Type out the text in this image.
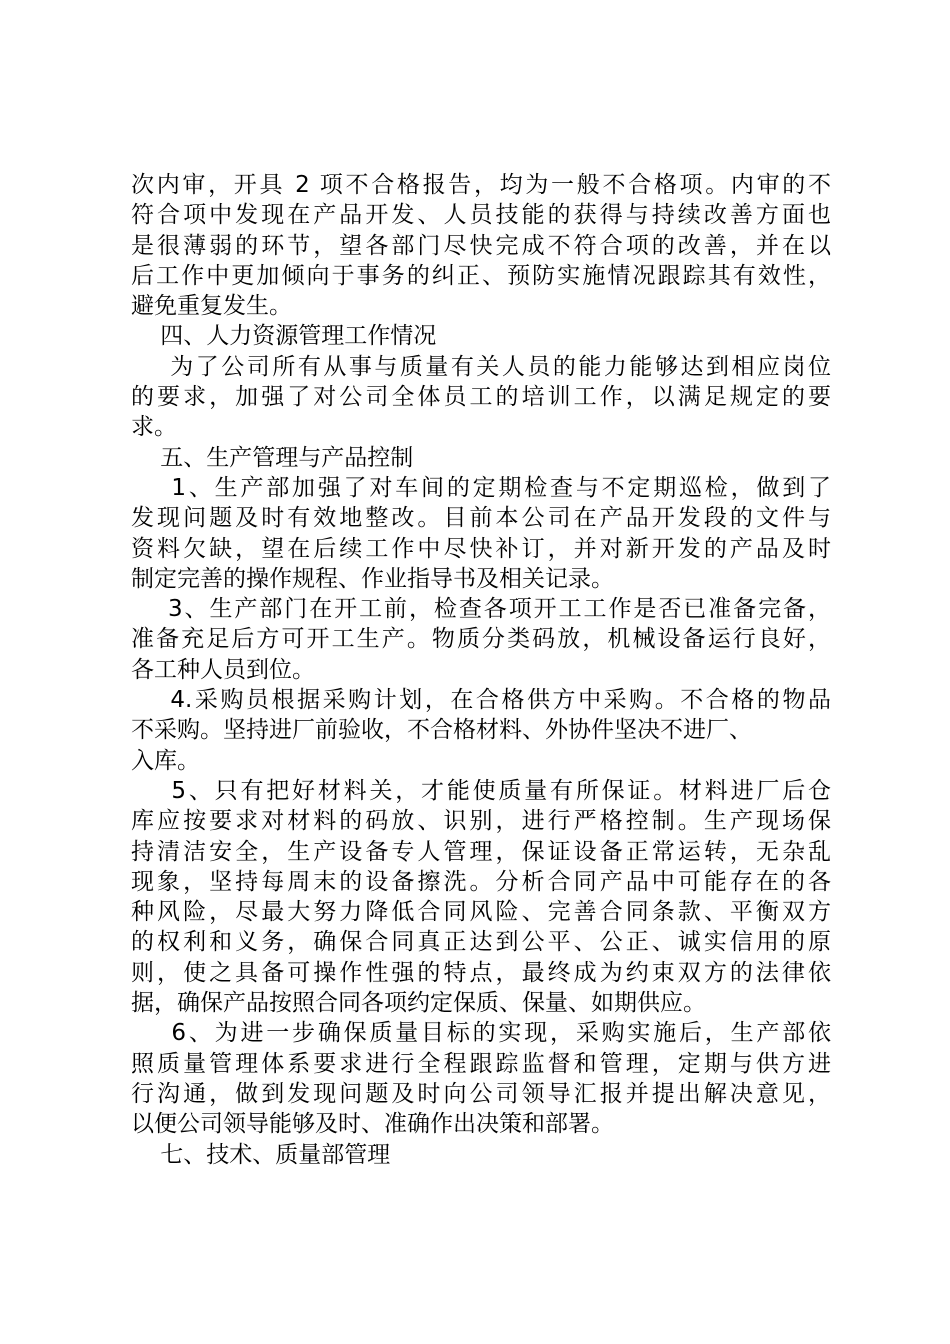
次内审，开具 2 项不合格报告，均为一般不合格项。内审的不
符合项中发现在产品开发、人员技能的获得与持续改善方面也
是很薄弱的环节，望各部门尽快完成不符合项的改善，并在以
后工作中更加倾向于事务的纠正、预防实施情况跟踪其有效性，
避免重复发生。
四、人力资源管理工作情况
为了公司所有从事与质量有关人员的能力能够达到相应岗位
的要求，加强了对公司全体员工的培训工作，以满足规定的要
求。
五、生产管理与产品控制
1、生产部加强了对车间的定期检查与不定期巡检，做到了
发现问题及时有效地整改。目前本公司在产品开发段的文件与
资料欠缺，望在后续工作中尽快补订，并对新开发的产品及时
制定完善的操作规程、作业指导书及相关记录。
3、生产部门在开工前，检查各项开工工作是否已准备完备，
准备充足后方可开工生产。物质分类码放，机械设备运行良好，
各工种人员到位。
4.采购员根据采购计划，在合格供方中采购。不合格的物品
不采购。坚持进厂前验收，不合格材料、外协件坚决不进厂、
入库。
5、只有把好材料关，才能使质量有所保证。材料进厂后仓
库应按要求对材料的码放、识别，进行严格控制。生产现场保
持清洁安全，生产设备专人管理，保证设备正常运转，无杂乱
现象，坚持每周末的设备擦洗。分析合同产品中可能存在的各
种风险，尽最大努力降低合同风险、完善合同条款、平衡双方
的权利和义务，确保合同真正达到公平、公正、诚实信用的原
则，使之具备可操作性强的特点，最终成为约束双方的法律依
据，确保产品按照合同各项约定保质、保量、如期供应。
6、为进一步确保质量目标的实现，采购实施后，生产部依
照质量管理体系要求进行全程跟踪监督和管理，定期与供方进
行沟通，做到发现问题及时向公司领导汇报并提出解决意见，
以便公司领导能够及时、准确作出决策和部署。
七、技术、质量部管理
